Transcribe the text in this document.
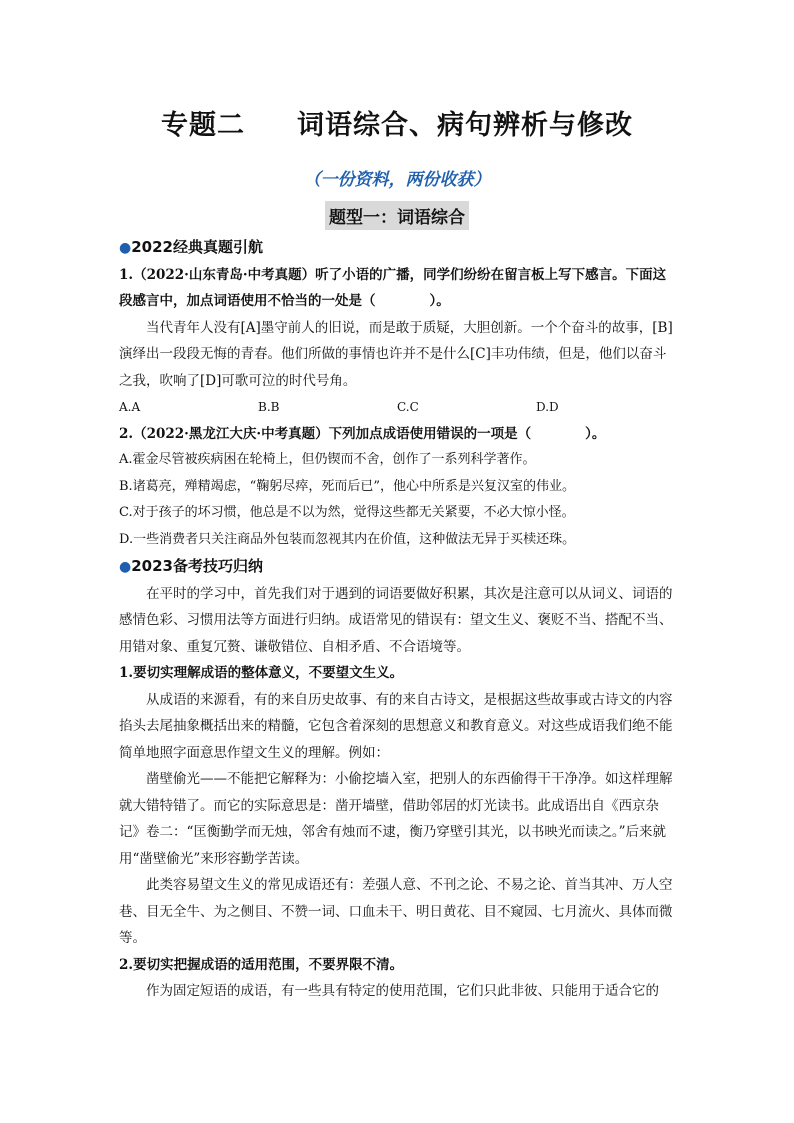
专题二 词语综合、病句辨析与修改
（一份资料，两份收获）
题型一：词语综合

●2022经典真题引航

1.（2022·山东青岛·中考真题）听了小语的广播，同学们纷纷在留言板上写下感言。下面这段感言中，加点词语使用不恰当的一处是（　　　　）。

当代青年人没有[A]墨守前人的旧说，而是敢于质疑，大胆创新。一个个奋斗的故事，[B]演绎出一段段无悔的青春。他们所做的事情也许并不是什么[C]丰功伟绩，但是，他们以奋斗之我，吹响了[D]可歌可泣的时代号角。

A.A	B.B	C.C	D.D

2.（2022·黑龙江大庆·中考真题）下列加点成语使用错误的一项是（　　　　）。

A.霍金尽管被疾病困在轮椅上，但仍锲而不舍，创作了一系列科学著作。

B.诸葛亮，殚精竭虑，“鞠躬尽瘁，死而后已”，他心中所系是兴复汉室的伟业。

C.对于孩子的坏习惯，他总是不以为然，觉得这些都无关紧要，不必大惊小怪。

D.一些消费者只关注商品外包装而忽视其内在价值，这种做法无异于买椟还珠。

●2023备考技巧归纳

在平时的学习中，首先我们对于遇到的词语要做好积累，其次是注意可以从词义、词语的感情色彩、习惯用法等方面进行归纳。成语常见的错误有：望文生义、褒贬不当、搭配不当、用错对象、重复冗赘、谦敬错位、自相矛盾、不合语境等。

1.要切实理解成语的整体意义，不要望文生义。

从成语的来源看，有的来自历史故事、有的来自古诗文，是根据这些故事或古诗文的内容掐头去尾抽象概括出来的精髓，它包含着深刻的思想意义和教育意义。对这些成语我们绝不能简单地照字面意思作望文生义的理解。例如：

凿壁偷光——不能把它解释为：小偷挖墙入室，把别人的东西偷得干干净净。如这样理解就大错特错了。而它的实际意思是：凿开墙壁，借助邻居的灯光读书。此成语出自《西京杂记》卷二：“匡衡勤学而无烛，邻舍有烛而不逮，衡乃穿壁引其光，以书映光而读之。”后来就用“凿壁偷光”来形容勤学苦读。

此类容易望文生义的常见成语还有：差强人意、不刊之论、不易之论、首当其冲、万人空巷、目无全牛、为之侧目、不赞一词、口血未干、明日黄花、目不窥园、七月流火、具体而微等。

2.要切实把握成语的适用范围，不要界限不清。

作为固定短语的成语，有一些具有特定的使用范围，它们只此非彼、只能用于适合它的
